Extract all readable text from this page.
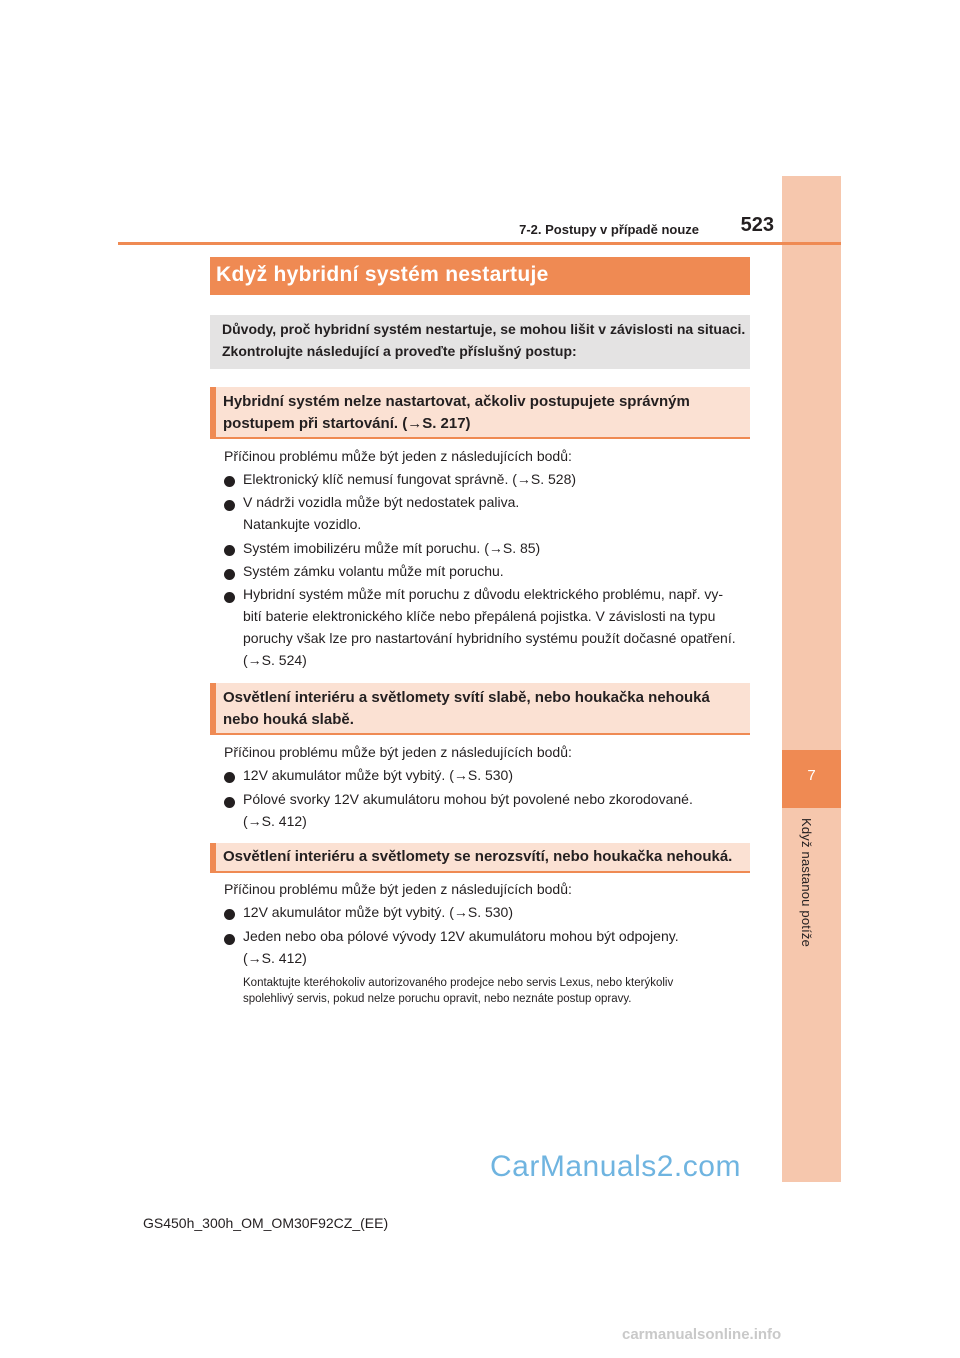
7
Když nastanou potíže
7-2. Postupy v případě nouze	523
Když hybridní systém nestartuje
Důvody, proč hybridní systém nestartuje, se mohou lišit v závislosti na situaci.
Zkontrolujte následující a proveďte příslušný postup:
Hybridní systém nelze nastartovat, ačkoliv postupujete správným
postupem při startování. (→S. 217)
Příčinou problému může být jeden z následujících bodů:
Elektronický klíč nemusí fungovat správně. (→S. 528)
V nádrži vozidla může být nedostatek paliva.
Natankujte vozidlo.
Systém imobilizéru může mít poruchu. (→S. 85)
Systém zámku volantu může mít poruchu.
Hybridní systém může mít poruchu z důvodu elektrického problému, např. vy-
bití baterie elektronického klíče nebo přepálená pojistka. V závislosti na typu
poruchy však lze pro nastartování hybridního systému použít dočasné opatření.
(→S. 524)
Osvětlení interiéru a světlomety svítí slabě, nebo houkačka nehouká
nebo houká slabě.
Příčinou problému může být jeden z následujících bodů:
12V akumulátor může být vybitý. (→S. 530)
Pólové svorky 12V akumulátoru mohou být povolené nebo zkorodované.
(→S. 412)
Osvětlení interiéru a světlomety se nerozsvítí, nebo houkačka nehouká.
Příčinou problému může být jeden z následujících bodů:
12V akumulátor může být vybitý. (→S. 530)
Jeden nebo oba pólové vývody 12V akumulátoru mohou být odpojeny.
(→S. 412)
Kontaktujte kteréhokoliv autorizovaného prodejce nebo servis Lexus, nebo kterýkoliv
spolehlivý servis, pokud nelze poruchu opravit, nebo neznáte postup opravy.
CarManuals2.com
GS450h_300h_OM_OM30F92CZ_(EE)
carmanualsonline.info
